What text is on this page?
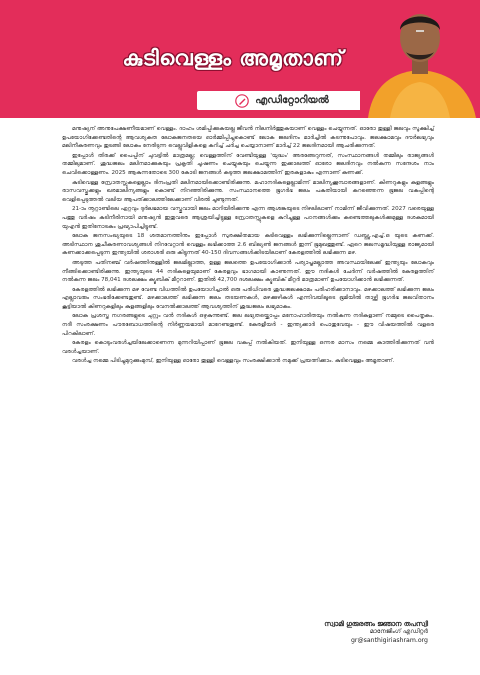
കുടിവെള്ളം അമൃതാണ്
എഡിറ്റോറിയൽ

മനുഷ്യന് അനുപേക്ഷണീയമാണ് വെള്ളം. ദാഹം ശമിപ്പിക്കുകയല്ല ജീവൻ നിലനിർത്തുകയാണ് വെള്ളം ചെയ്യുന്നത്. ഓരോ തുള്ളി ജലവും സൂക്ഷിച്ച് ഉപയോഗിക്കേണ്ടതിന്റെ ആവശ്യകത ലോകജനതയെ ഓർമ്മിപ്പിച്ചുകൊണ്ട് ലോക ജലദിനം മാർച്ചിൽ കടന്നുപോവും. ജലക്ഷാമവും ദൗർലഭ്യവും മലിനീകരണവും തുടങ്ങി ലോകം നേരിടുന്ന വെല്ലുവിളികളെ കുറിച്ച് ചർച്ച ചെയ്യാനാണ് മാർച്ച് 22 ജലദിനമായി ആചരിക്കുന്നത്.

ഇപ്പോൾ തിരക്ക് പൈപ്പിന് ചുവട്ടിൽ മാത്രമല്ല; വെള്ളത്തിന് വേണ്ടിയുള്ള 'യുദ്ധം' അരങ്ങേറുന്നത്, സംസ്ഥാനങ്ങൾ തമ്മിലും രാജ്യങ്ങൾ തമ്മിലുമാണ്. ശുദ്ധജലം മലിനമാക്കുകയും പ്രകൃതി ചൂഷണം ചെയ്യുകയും ചെയ്യുന്ന ഇക്കാലത്ത് ഓരോ ജലദിനവും നൽകുന്ന സന്ദേശം നാം ചെവിക്കൊള്ളണം. 2025 ആകുന്നതോടെ 300 കോടി ജനങ്ങൾ കടുത്ത ജലക്ഷാമത്തിന് ഇരകളാകും എന്നാണ് കണക്ക്.

കുടിവെള്ള സ്രോതസ്സുകളെല്ലാം ദിനംപ്രതി മലിനമായിക്കൊണ്ടിരിക്കുന്നു. മഹാനദികളെല്ലാമിന്ന് മാലിന്യക്കൂമ്പാരങ്ങളാണ്. കിണറുകളും കുളങ്ങളും രാസവസ്തുക്കളും ഖരമാലിന്യങ്ങളും കൊണ്ട് നിറഞ്ഞിരിക്കുന്നു. സംസ്ഥാനത്തെ ഭൂഗർഭ ജലം പകുതിയായി കുറഞ്ഞെന്ന ഭൂജല വകുപ്പിന്റെ വെളിപ്പെടുത്തൽ വലിയ ആപത്ക്കാലത്തിലേക്കാണ് വിരൽ ചൂണ്ടുന്നത്.

21-ാം നൂറ്റാണ്ടിലെ ഏറ്റവും ദുർലഭമായ വസ്തുവായി ജലം മാറിയിരിക്കുന്നു എന്ന ആശങ്കയുടെ നിഴലിലാണ് നാമിന്ന് ജീവിക്കുന്നത്. 2027 വരെയുള്ള പത്തു വർഷം കുടിനീരിനായി മനുഷ്യൻ ഇതുവരെ ആശ്രയിച്ചിട്ടുള്ള സ്രോതസ്സുകളെ കുറിച്ചുള്ള പഠനങ്ങൾക്കും കണ്ടെത്തലുകൾക്കുമുള്ള ദശകമായി യുഎൻ ഇതിനോടകം പ്രഖ്യാപിച്ചിട്ടുണ്ട്.

ലോക ജനസംഖ്യയുടെ 18 ശതമാനത്തിനും ഇപ്പോൾ സുരക്ഷിതമായ കുടിവെള്ളം ലഭിക്കുന്നില്ലെന്നാണ് ഡബ്ല്യു.എച്ച്.ഒ യുടെ കണക്ക്. അടിസ്ഥാന ശുചീകരണാവശ്യങ്ങൾ നിറവേറ്റാൻ വെള്ളം ലഭിക്കാത്ത 2.6 ബില്യൺ ജനങ്ങൾ ഇന്ന് ഭൂമുഖത്തുണ്ട്. ഏറെ ജലസമൃദ്ധിയുള്ള രാജ്യമായി കണക്കാക്കപ്പെടുന്ന ഇന്ത്യയിൽ ശരാശരി ഒരു കിട്ടുന്നത് 40-150 ദിവസങ്ങൾക്കിടയിലാണ് കേരളത്തിൽ ലഭിക്കുന്ന മഴ.

അടുത്ത പതിനഞ്ച് വർഷത്തിനുള്ളിൽ ജലമില്ലാത്ത, ഉള്ള ജലത്തെ ഉപയോഗിക്കാൻ പര്യാപ്തമല്ലാത്ത അവസ്ഥയിലേക്ക് ഇന്ത്യയും ലോകവും നീങ്ങിക്കൊണ്ടിരിക്കുന്നു. ഇന്ത്യയുടെ 44 നദികളെയുമാണ് കേരളവും ഭാഗമായി കാണുന്നത്. ഈ നദികൾ ചേർന്ന് വർഷത്തിൽ കേരളത്തിന് നൽകുന്ന ജലം 78,041 ദശലക്ഷം ക്യൂബിക് മീറ്ററാണ്. ഇതിൽ 42,700 ദശലക്ഷം ക്യൂബിക് മീറ്റർ മാത്രമാണ് ഉപയോഗിക്കാൻ ലഭിക്കുന്നത്.

കേരളത്തിൽ ലഭിക്കുന്ന മഴ വേണ്ട വിധത്തിൽ ഉപയോഗിച്ചാൽ ഒരു പരിധിവരെ ശുദ്ധജലക്ഷാമം പരിഹരിക്കാനാവും. മഴക്കാലത്ത് ലഭിക്കുന്ന ജലം എല്ലാവരും സംഭരിക്കേണ്ടതുണ്ട്. മഴക്കാലത്ത് ലഭിക്കുന്ന ജലം തടയണകൾ, മഴക്കുഴികൾ എന്നിവയിലൂടെ ഭൂമിയിൽ താഴ്ത്തി ഭൂഗർഭ ജലവിതാനം കൂട്ടിയാൽ കിണറുകളിലും കുളങ്ങളിലും വേനൽക്കാലത്ത് ആവശ്യത്തിന് ശുദ്ധജലം ലഭ്യമാകും.

ലോക പ്രശസ്ത നഗരങ്ങളുടെ ചുറ്റും വൻ നദികൾ ഒഴുകുന്നുണ്ട്. ജല ലഭ്യതയ്ക്കൊപ്പം മനോഹാരിതയും നൽകുന്ന നദികളാണ് നമ്മുടെ പൈതൃകം. നദീ സംരക്ഷണം പൗരബോധത്തിന്റെ നിർണ്ണയമായി മാറേണ്ടതുണ്ട്. കേരളീയർ - ഇന്ത്യക്കാർ പൊതുവേയും - ഈ വിഷയത്തിൽ വളരെ പിറകിലാണ്.

കേരളം കൊടുംവരൾച്ചയിലേക്കാണെന്ന മുന്നറിയിപ്പാണ് ഭൂജല വകുപ്പ് നൽകിയത്. ഇനിയുള്ള ഒന്നര മാസം നമ്മെ കാത്തിരിക്കുന്നത് വൻ വരൾച്ചയാണ്.

വരൾച്ച നമ്മെ പിടിച്ചുമുറുക്കുംമുമ്പ്, ഇനിയുള്ള ഓരോ തുള്ളി വെള്ളവും സംരക്ഷിക്കാൻ നമുക്ക് പ്രയത്നിക്കാം. കുടിവെള്ളം അമൃതാണ്.

സ്വാമി ഗുരുരത്നം ജ്ഞാന തപസ്വി
മാനേജിംഗ് എഡിറ്റർ
gr@santhigiriashram.org
